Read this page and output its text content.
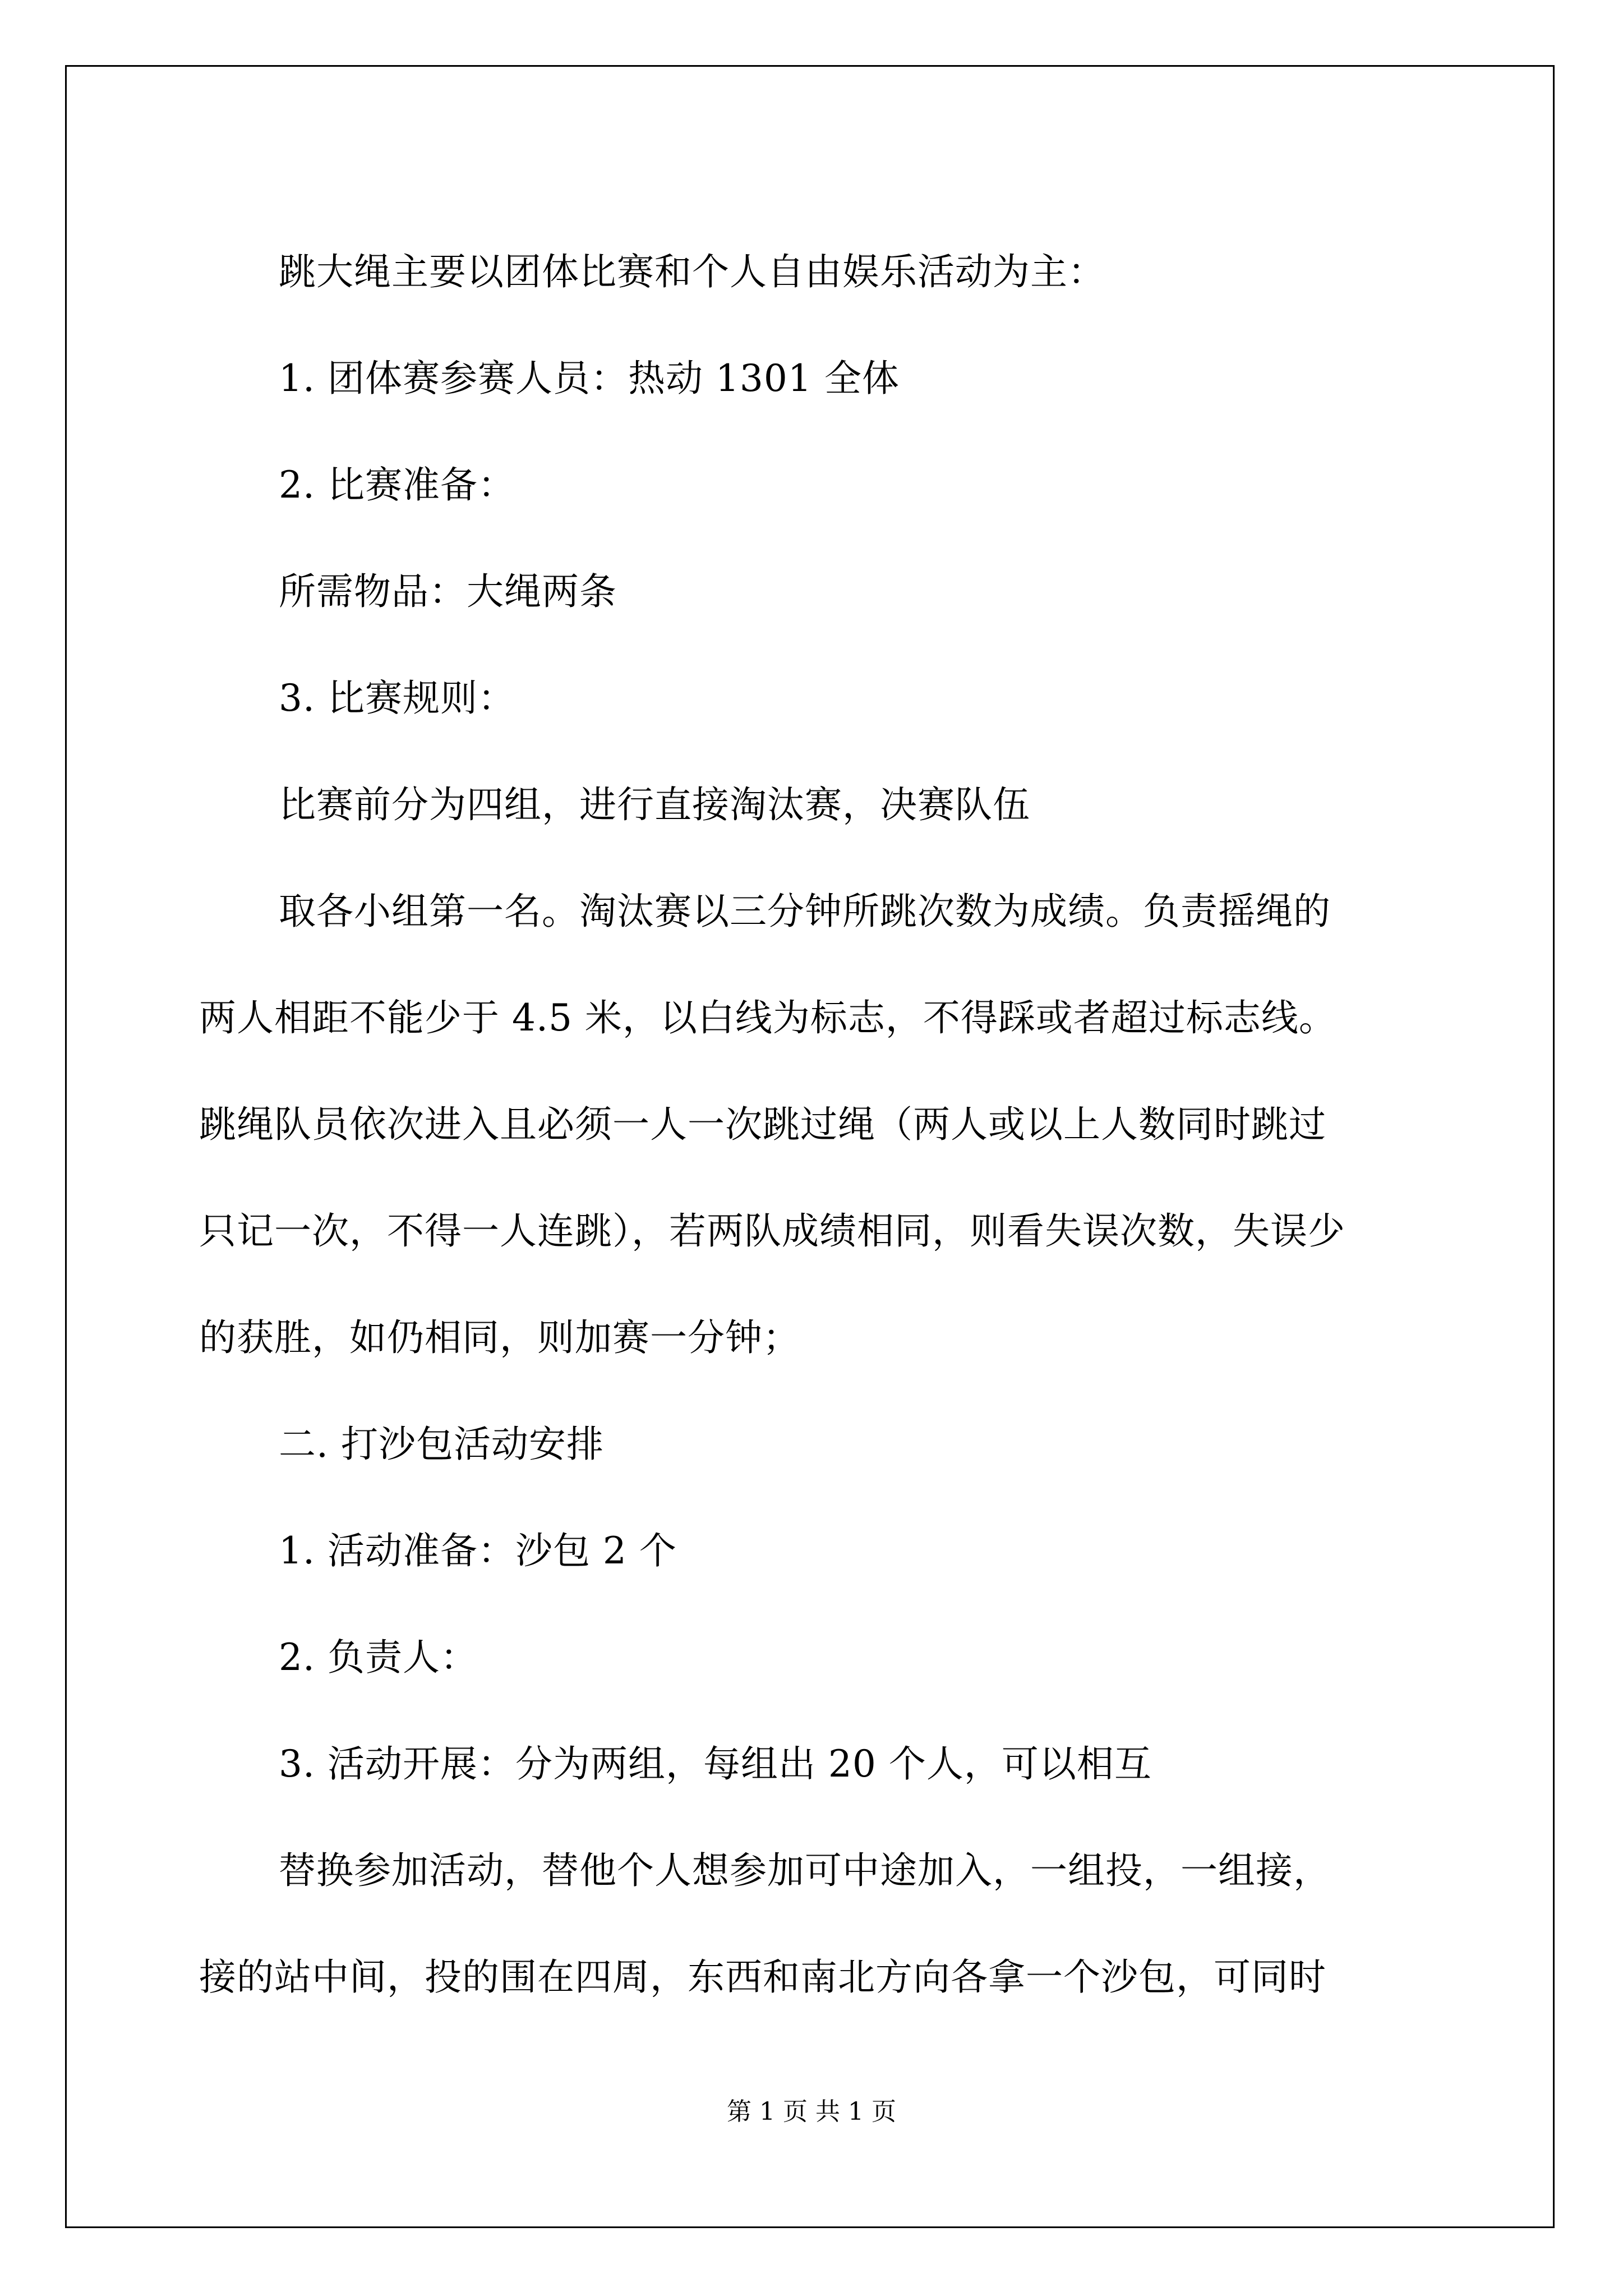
跳大绳主要以团体比赛和个人自由娱乐活动为主：
1. 团体赛参赛人员：热动 1301 全体
2. 比赛准备：
所需物品：大绳两条
3. 比赛规则：
比赛前分为四组，进行直接淘汰赛，决赛队伍
取各小组第一名。淘汰赛以三分钟所跳次数为成绩。负责摇绳的
两人相距不能少于 4.5 米，以白线为标志，不得踩或者超过标志线。
跳绳队员依次进入且必须一人一次跳过绳（两人或以上人数同时跳过
只记一次，不得一人连跳），若两队成绩相同，则看失误次数，失误少
的获胜，如仍相同，则加赛一分钟；
二. 打沙包活动安排
1. 活动准备：沙包 2 个
2. 负责人：
3. 活动开展：分为两组，每组出 20 个人，可以相互
替换参加活动，替他个人想参加可中途加入，一组投，一组接，
接的站中间，投的围在四周，东西和南北方向各拿一个沙包，可同时
第 1 页 共 1 页
